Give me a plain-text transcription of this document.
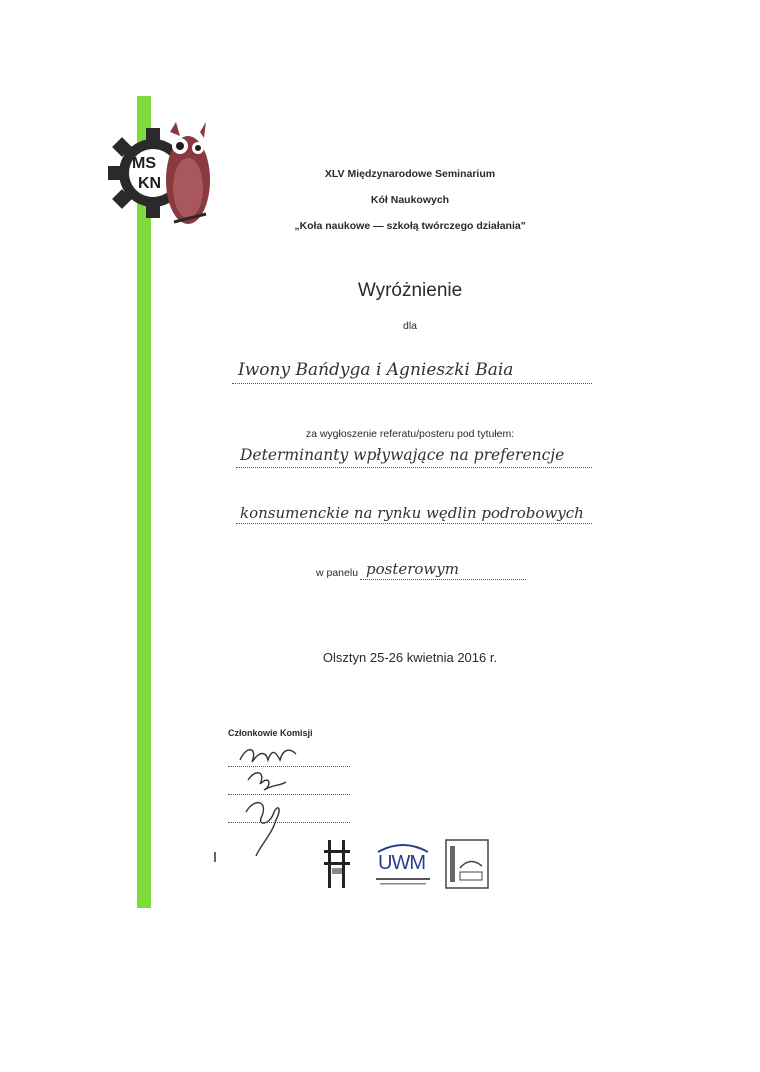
MS
KN
XLV Międzynarodowe Seminarium
Kół Naukowych
„Koła naukowe — szkołą twórczego działania"
Wyróżnienie
dla
Iwony Bańdyga i Agnieszki Baia
za wygłoszenie referatu/posteru pod tytułem:
Determinanty wpływające na preferencje
konsumenckie na rynku wędlin podrobowych
w panelu posterowym
Olsztyn 25-26 kwietnia 2016 r.
Członkowie Komisji
UWM
